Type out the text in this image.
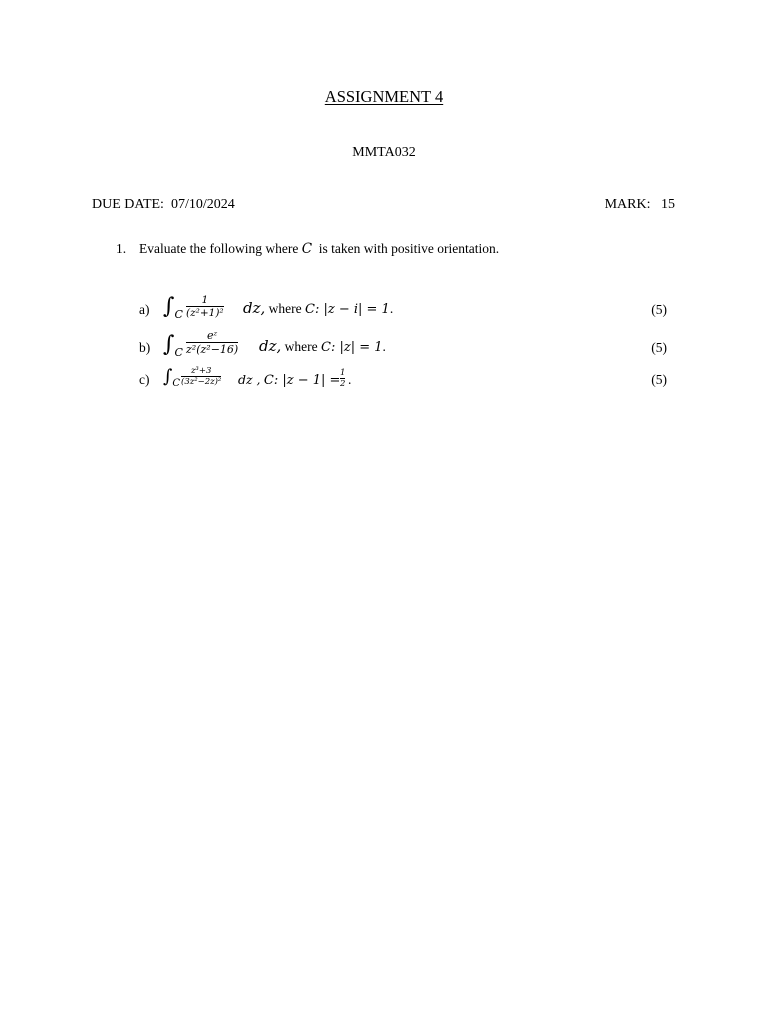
ASSIGNMENT 4
MMTA032
DUE DATE: 07/10/2024	MARK: 15
1. Evaluate the following where C  is taken with positive orientation.
a) $\int_C$
1
(z²+1)² dz, where C: |z − i| = 1.	(5)
b) $\int_C$
eᶻ
z²(z²−16) dz, where C: |z| = 1.	(5)
c) $\int_C$
z³+3
(3z²−2z)² dz , C: |z − 1| = 1
2 .	(5)
